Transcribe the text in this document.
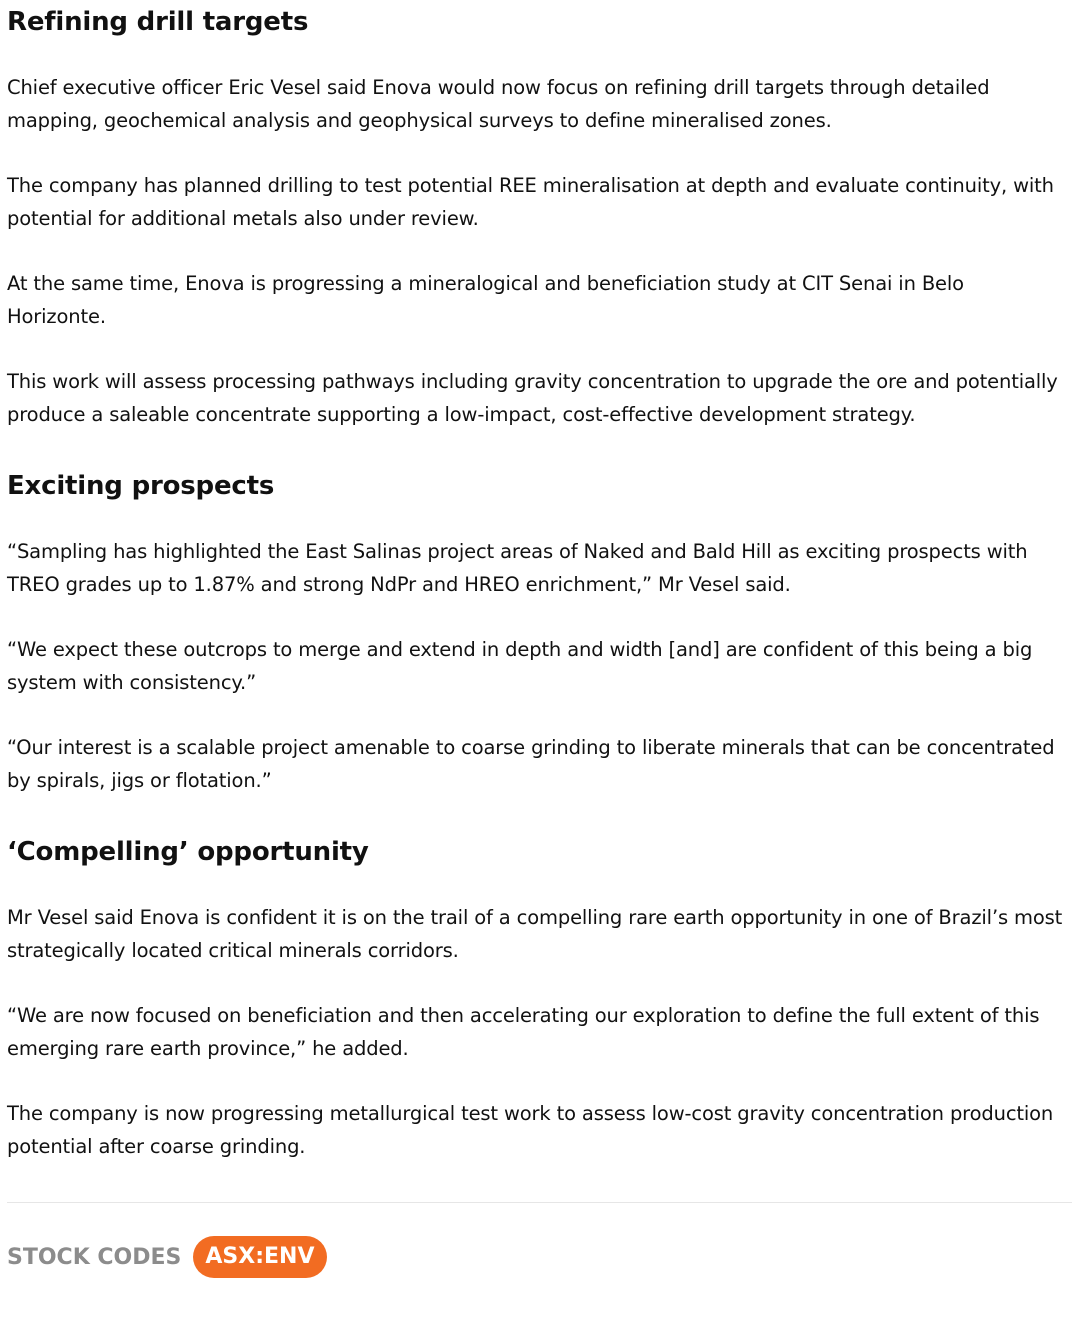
Refining drill targets

Chief executive officer Eric Vesel said Enova would now focus on refining drill targets through detailed mapping, geochemical analysis and geophysical surveys to define mineralised zones.

The company has planned drilling to test potential REE mineralisation at depth and evaluate continuity, with potential for additional metals also under review.

At the same time, Enova is progressing a mineralogical and beneficiation study at CIT Senai in Belo Horizonte.

This work will assess processing pathways including gravity concentration to upgrade the ore and potentially produce a saleable concentrate supporting a low-impact, cost-effective development strategy.

Exciting prospects

“Sampling has highlighted the East Salinas project areas of Naked and Bald Hill as exciting prospects with TREO grades up to 1.87% and strong NdPr and HREO enrichment,” Mr Vesel said.

“We expect these outcrops to merge and extend in depth and width [and] are confident of this being a big system with consistency.”

“Our interest is a scalable project amenable to coarse grinding to liberate minerals that can be concentrated by spirals, jigs or flotation.”

‘Compelling’ opportunity

Mr Vesel said Enova is confident it is on the trail of a compelling rare earth opportunity in one of Brazil’s most strategically located critical minerals corridors.

“We are now focused on beneficiation and then accelerating our exploration to define the full extent of this emerging rare earth province,” he added.

The company is now progressing metallurgical test work to assess low-cost gravity concentration production potential after coarse grinding.

STOCK CODES	ASX:ENV
